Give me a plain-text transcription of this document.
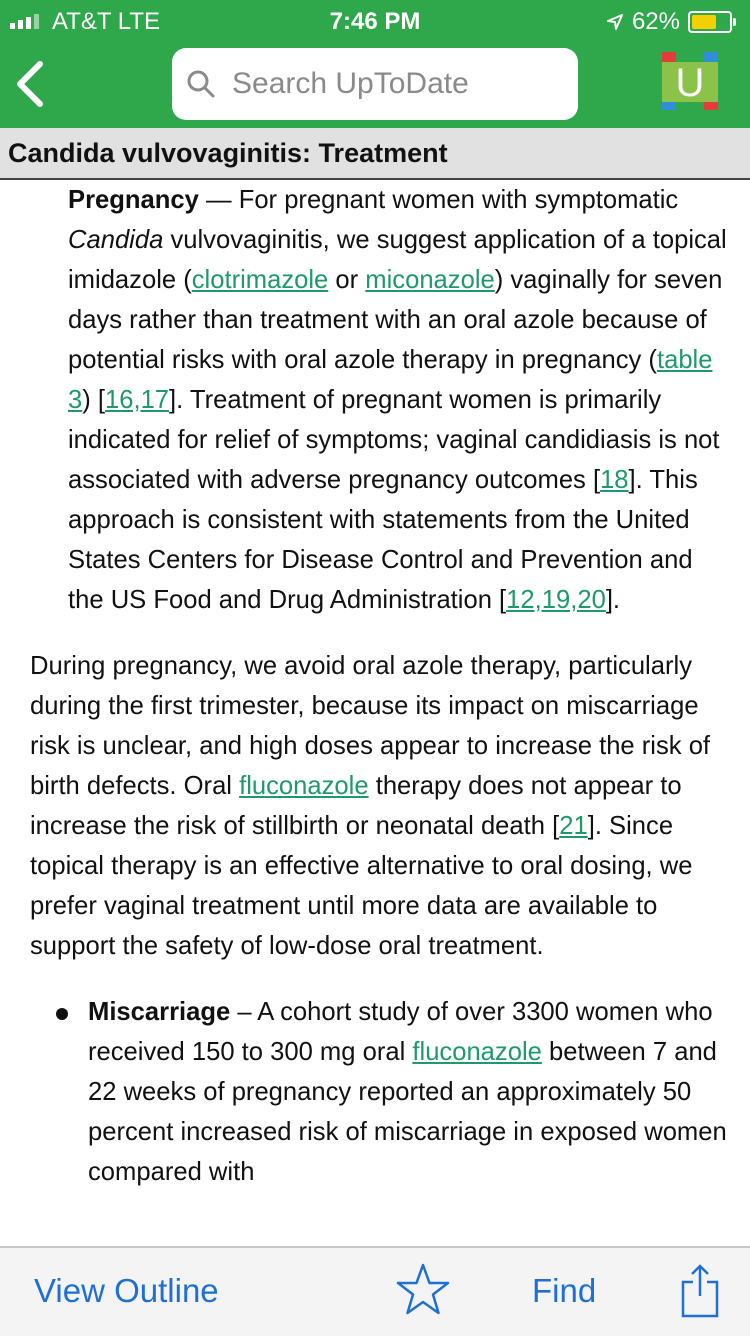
AT&T LTE	7:46 PM	62%
Search UpToDate
U
Candida vulvovaginitis: Treatment

Pregnancy — For pregnant women with symptomatic Candida vulvovaginitis, we suggest application of a topical imidazole (clotrimazole or miconazole) vaginally for seven days rather than treatment with an oral azole because of potential risks with oral azole therapy in pregnancy (table 3) [16,17]. Treatment of pregnant women is primarily indicated for relief of symptoms; vaginal candidiasis is not associated with adverse pregnancy outcomes [18]. This approach is consistent with statements from the United States Centers for Disease Control and Prevention and the US Food and Drug Administration [12,19,20].

During pregnancy, we avoid oral azole therapy, particularly during the first trimester, because its impact on miscarriage risk is unclear, and high doses appear to increase the risk of birth defects. Oral fluconazole therapy does not appear to increase the risk of stillbirth or neonatal death [21]. Since topical therapy is an effective alternative to oral dosing, we prefer vaginal treatment until more data are available to support the safety of low-dose oral treatment.

Miscarriage – A cohort study of over 3300 women who received 150 to 300 mg oral fluconazole between 7 and 22 weeks of pregnancy reported an approximately 50 percent increased risk of miscarriage in exposed women compared with
View Outline	Find
